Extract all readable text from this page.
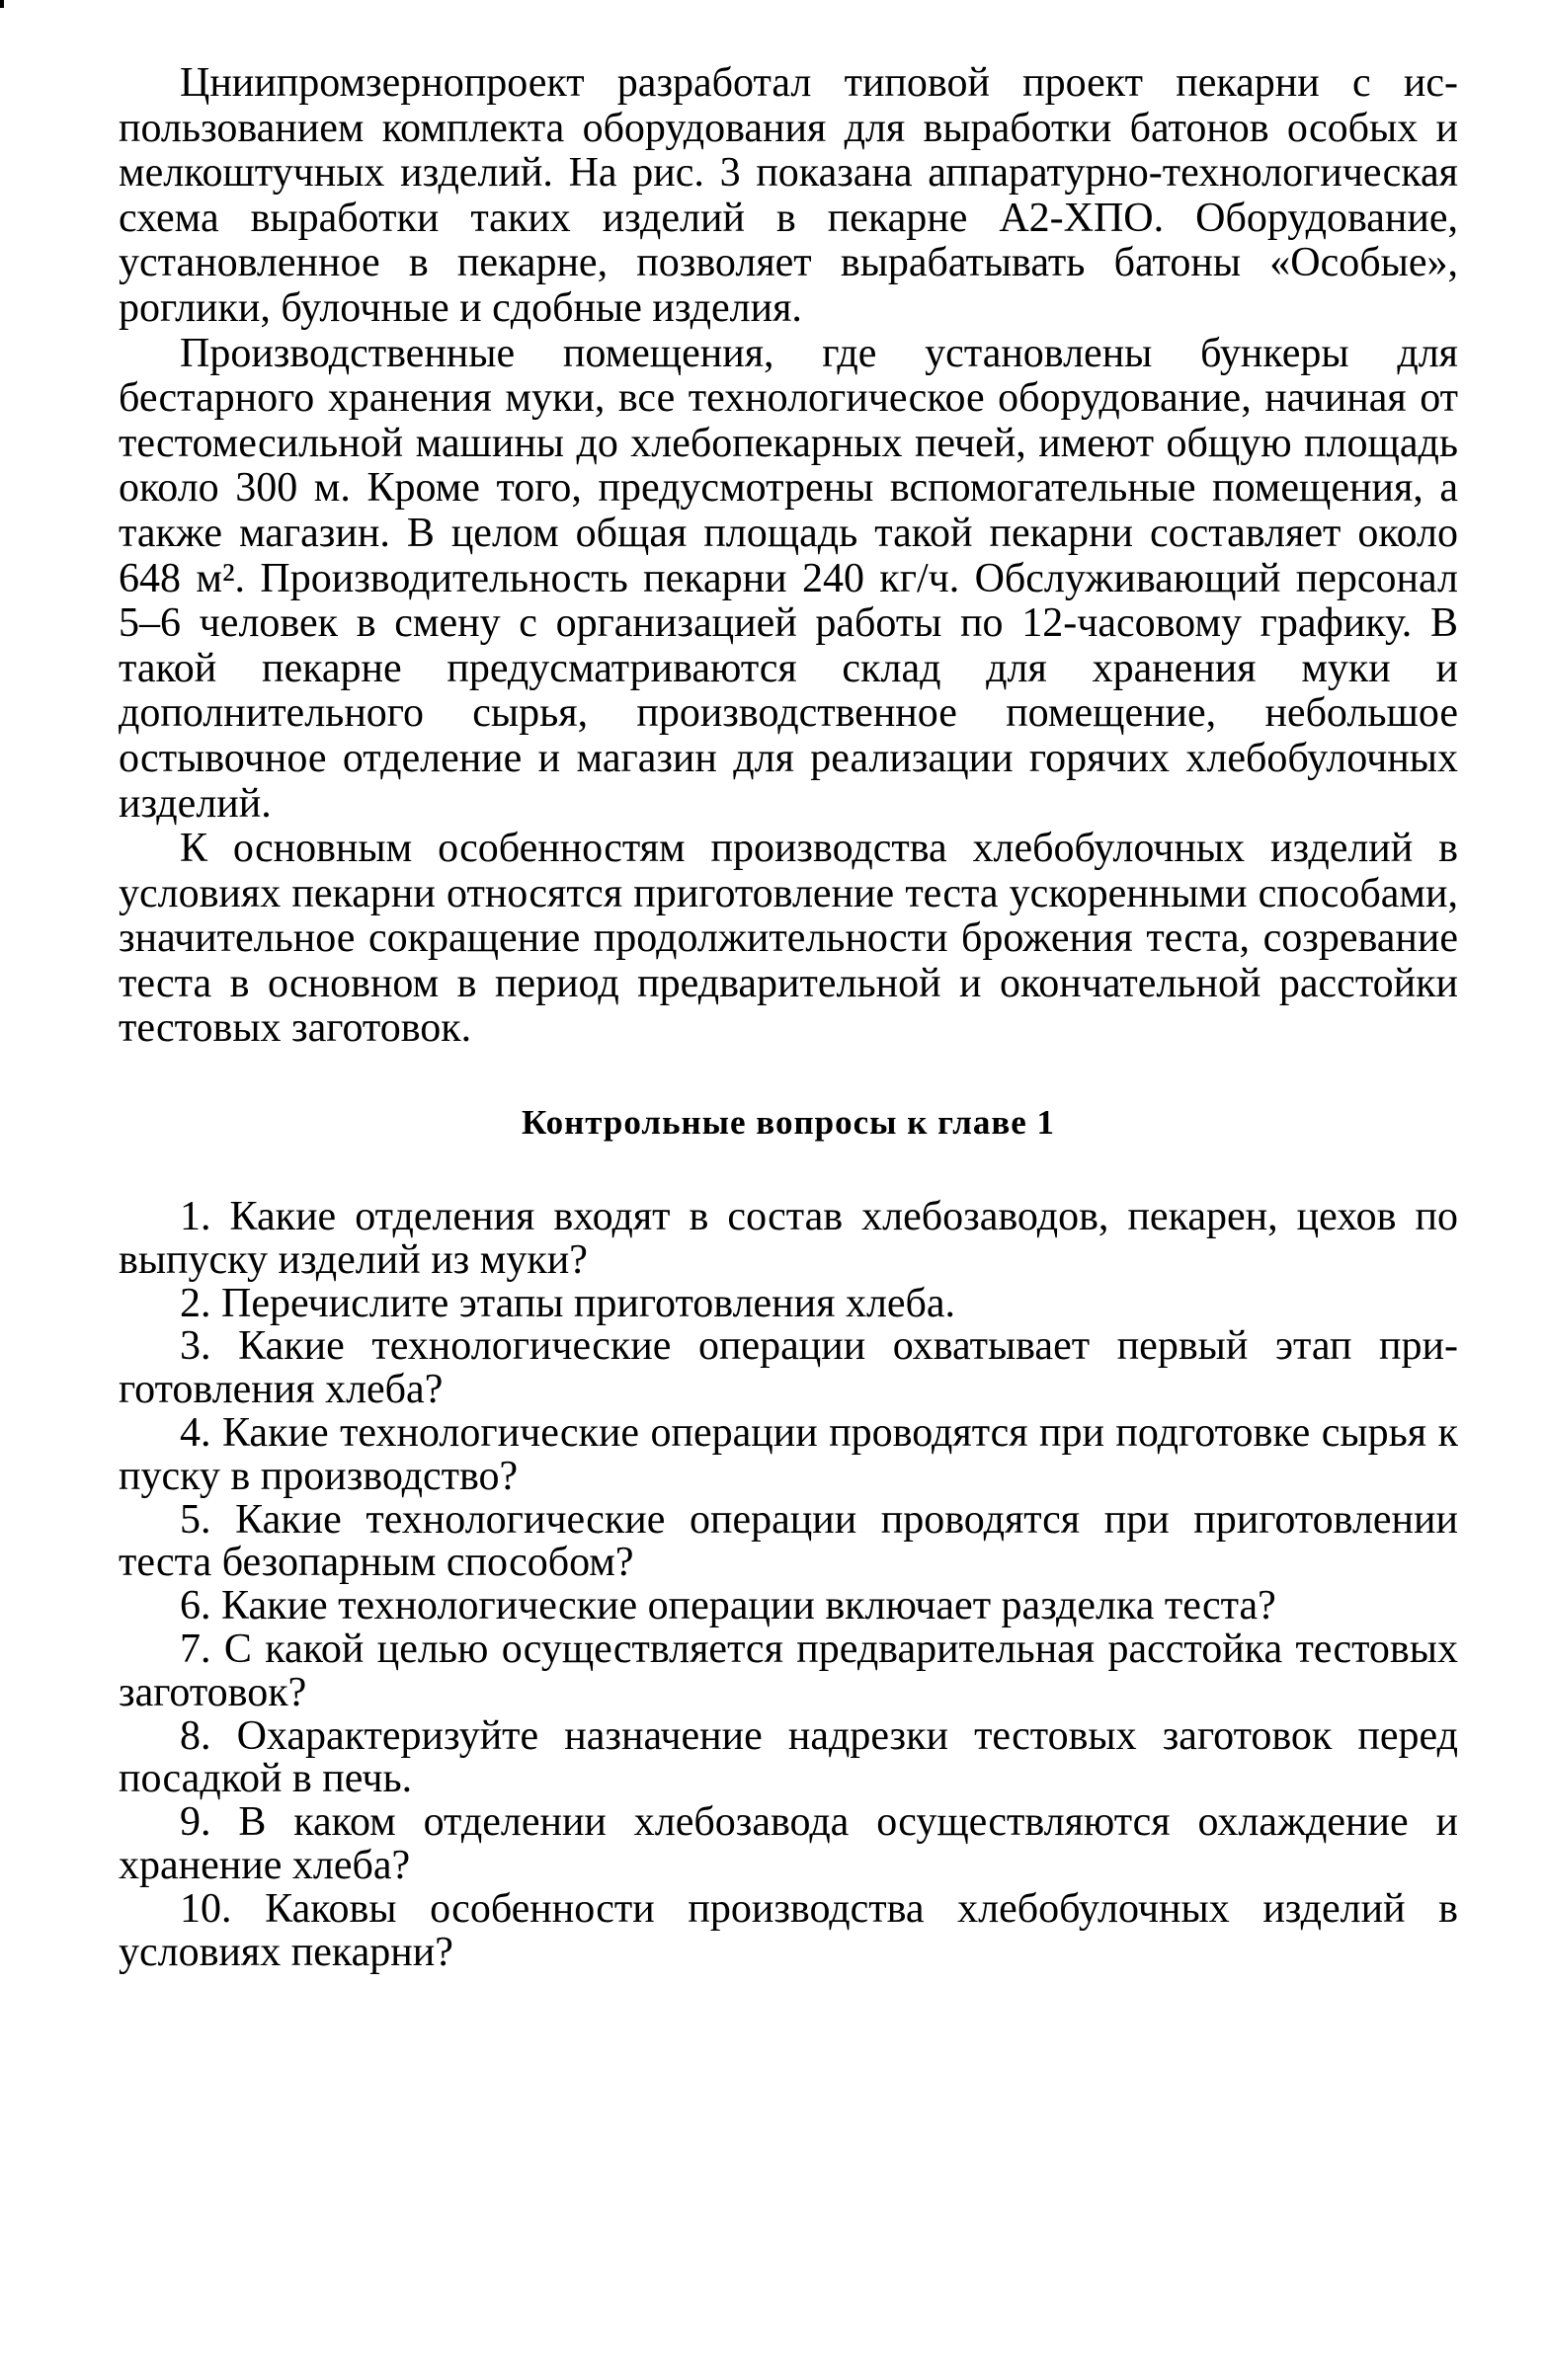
Цниипромзернопроект разработал типовой проект пекарни с использованием комплекта оборудования для выработки батонов особых и мелкоштучных изделий. На рис. 3 показана аппаратурно-технологическая схема выработки таких изделий в пекарне А2-ХПО. Оборудование, установленное в пекарне, позволяет вырабатывать батоны «Особые», роглики, булочные и сдобные изделия.

Производственные помещения, где установлены бункеры для бестарного хранения муки, все технологическое оборудование, начиная от тестомесильной машины до хлебопекарных печей, имеют общую площадь около 300 м. Кроме того, предусмотрены вспомогательные помещения, а также магазин. В целом общая площадь такой пекарни составляет около 648 м². Производительность пекарни 240 кг/ч. Обслуживающий персонал 5–6 человек в смену с организацией работы по 12-часовому графику. В такой пекарне предусматриваются склад для хранения муки и дополнительного сырья, производственное помещение, небольшое остывочное отделение и магазин для реализации горячих хлебобулочных изделий.

К основным особенностям производства хлебобулочных изделий в условиях пекарни относятся приготовление теста ускоренными способами, значительное сокращение продолжительности брожения теста, созревание теста в основном в период предварительной и окончательной расстойки тестовых заготовок.

Контрольные вопросы к главе 1
1. Какие отделения входят в состав хлебозаводов, пекарен, цехов по выпуску изделий из муки?
2. Перечислите этапы приготовления хлеба.
3. Какие технологические операции охватывает первый этап приготовления хлеба?
4. Какие технологические операции проводятся при подготовке сырья к пуску в производство?
5. Какие технологические операции проводятся при приготовлении теста безопарным способом?
6. Какие технологические операции включает разделка теста?
7. С какой целью осуществляется предварительная расстойка тестовых заготовок?
8. Охарактеризуйте назначение надрезки тестовых заготовок перед посадкой в печь.
9. В каком отделении хлебозавода осуществляются охлаждение и хранение хлеба?
10. Каковы особенности производства хлебобулочных изделий в условиях пекарни?
